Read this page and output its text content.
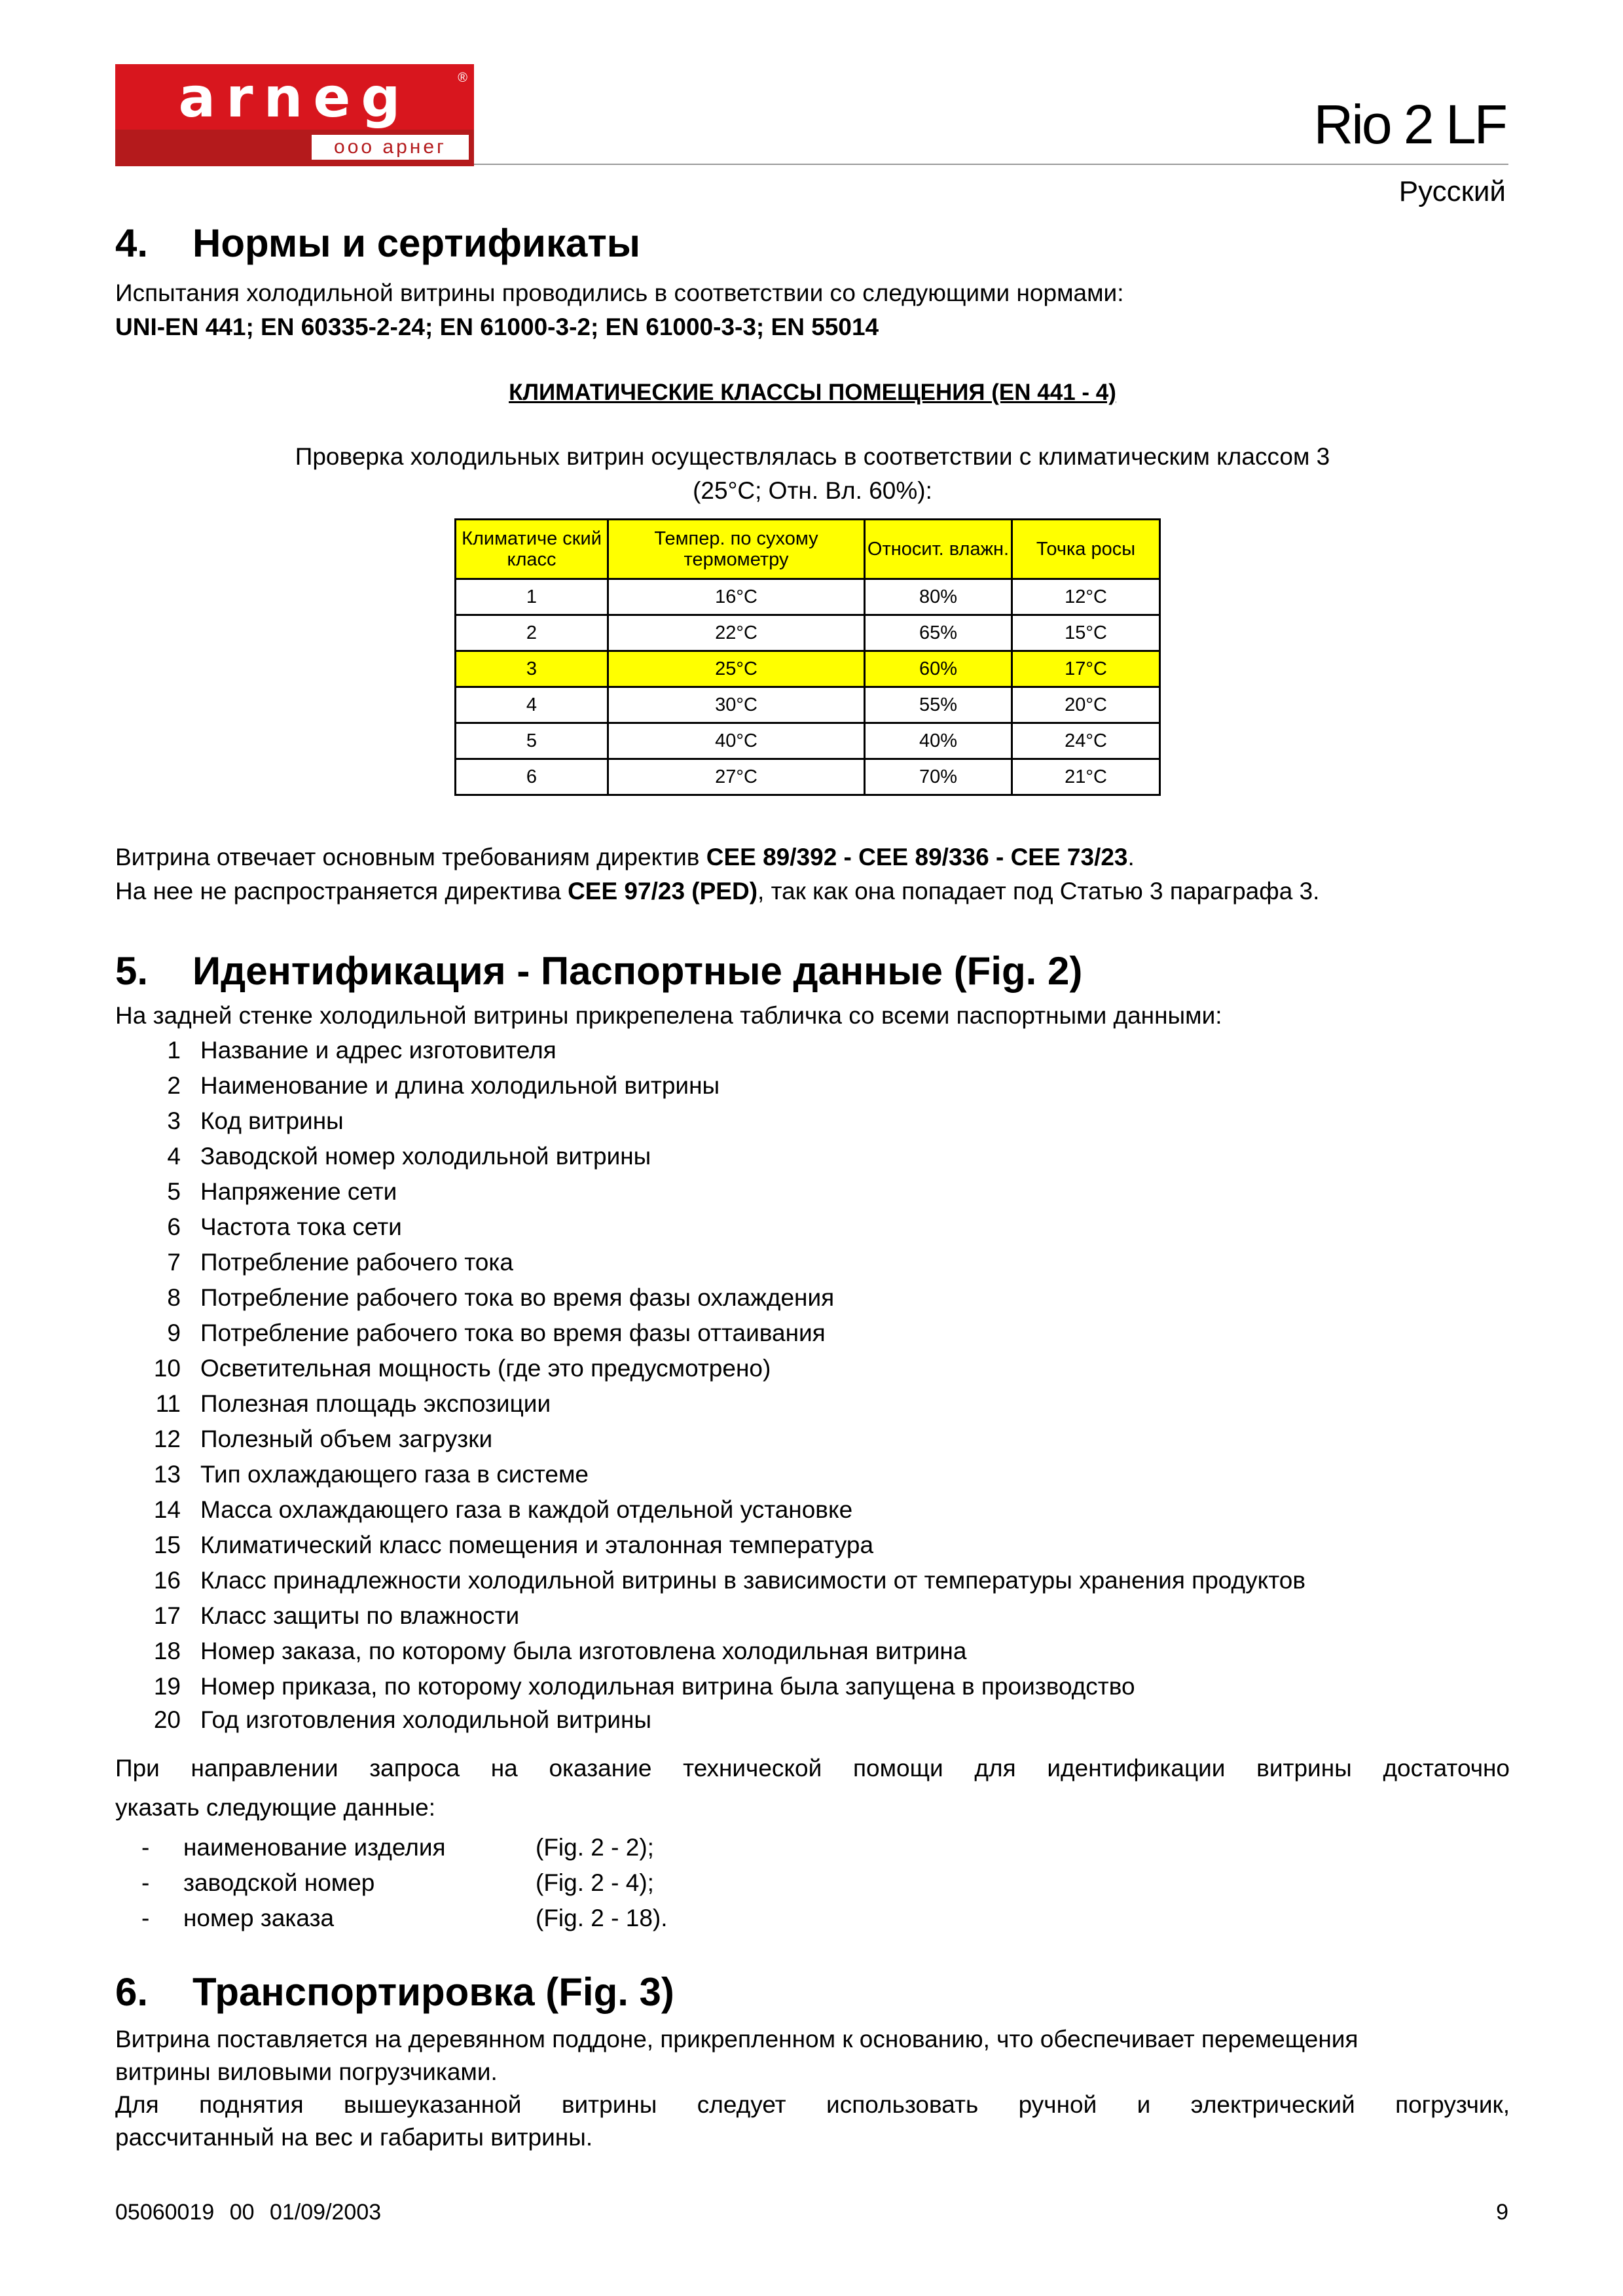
arneg	®
ооо арнег	Rio 2 LF
Русский
4. Нормы и сертификаты

Испытания холодильной витрины проводились в соответствии со следующими нормами:

UNI-EN 441; EN 60335-2-24; EN 61000-3-2; EN 61000-3-3; EN 55014

КЛИМАТИЧЕСКИЕ КЛАССЫ ПОМЕЩЕНИЯ (EN 441 - 4)

Проверка холодильных витрин осуществлялась в соответствии с климатическим классом 3

(25°C; Отн. Вл. 60%):

Климатиче ский класс	Темпер. по сухому термометру	Относит. влажн.	Точка росы
1	16°C	80%	12°C
2	22°C	65%	15°C
3	25°C	60%	17°C
4	30°C	55%	20°C
5	40°C	40%	24°C
6	27°C	70%	21°C

Витрина отвечает основным требованиям директив CEE 89/392 - CEE 89/336 - CEE 73/23.

На нее не распространяется директива CEE 97/23 (PED), так как она попадает под Статью 3 параграфа 3.

5. Идентификация - Паспортные данные (Fig. 2)

На задней стенке холодильной витрины прикрепелена табличка со всеми паспортными данными:

1 Название и адрес изготовителя
2 Наименование и длина холодильной витрины
3 Код витрины
4 Заводской номер холодильной витрины
5 Напряжение сети
6 Частота тока сети
7 Потребление рабочего тока
8 Потребление рабочего тока во время фазы охлаждения
9 Потребление рабочего тока во время фазы оттаивания
10 Осветительная мощность (где это предусмотрено)
11 Полезная площадь экспозиции
12 Полезный объем загрузки
13 Тип охлаждающего газа в системе
14 Масса охлаждающего газа в каждой отдельной установке
15 Климатический класс помещения и эталонная температура
16 Класс принадлежности холодильной витрины в зависимости от температуры хранения продуктов
17 Класс защиты по влажности
18 Номер заказа, по которому была изготовлена холодильная витрина
19 Номер приказа, по которому холодильная витрина была запущена в производство
20 Год изготовления холодильной витрины

При направлении запроса на оказание технической помощи для идентификации витрины достаточно

указать следующие данные:

- наименование изделия	(Fig. 2 - 2);
- заводской номер	(Fig. 2 - 4);
- номер заказа	(Fig. 2 - 18).
6. Транспортировка (Fig. 3)

Витрина поставляется на деревянном поддоне, прикрепленном к основанию, что обеспечивает перемещения

витрины виловыми погрузчиками.

Для поднятия вышеуказанной витрины следует использовать ручной и электрический погрузчик,

рассчитанный на вес и габариты витрины.

05060019 00 01/09/2003	9
